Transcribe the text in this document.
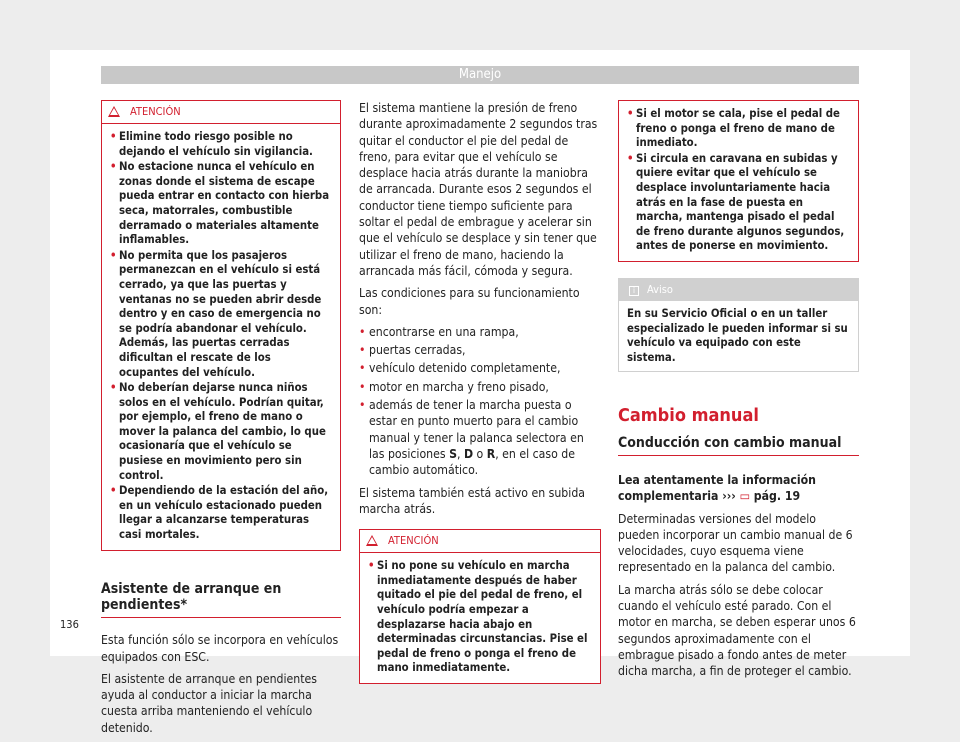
Manejo
ATENCIÓN
• Elimine todo riesgo posible no dejando el vehículo sin vigilancia.
• No estacione nunca el vehículo en zonas donde el sistema de escape pueda entrar en contacto con hierba seca, matorrales, combustible derramado o materiales altamente inflamables.
• No permita que los pasajeros permanezcan en el vehículo si está cerrado, ya que las puertas y ventanas no se pueden abrir desde dentro y en caso de emergencia no se podría abandonar el vehículo. Además, las puertas cerradas dificultan el rescate de los ocupantes del vehículo.
• No deberían dejarse nunca niños solos en el vehículo. Podrían quitar, por ejemplo, el freno de mano o mover la palanca del cambio, lo que ocasionaría que el vehículo se pusiese en movimiento pero sin control.
• Dependiendo de la estación del año, en un vehículo estacionado pueden llegar a alcanzarse temperaturas casi mortales.
Asistente de arranque en pendientes*

Esta función sólo se incorpora en vehículos equipados con ESC.

El asistente de arranque en pendientes ayuda al conductor a iniciar la marcha cuesta arriba manteniendo el vehículo detenido.

El sistema mantiene la presión de freno durante aproximadamente 2 segundos tras quitar el conductor el pie del pedal de freno, para evitar que el vehículo se desplace hacia atrás durante la maniobra de arrancada. Durante esos 2 segundos el conductor tiene tiempo suficiente para soltar el pedal de embrague y acelerar sin que el vehículo se desplace y sin tener que utilizar el freno de mano, haciendo la arrancada más fácil, cómoda y segura.

Las condiciones para su funcionamiento son:

• encontrarse en una rampa,
• puertas cerradas,
• vehículo detenido completamente,
• motor en marcha y freno pisado,
• además de tener la marcha puesta o estar en punto muerto para el cambio manual y tener la palanca selectora en las posiciones S, D o R, en el caso de cambio automático.

El sistema también está activo en subida marcha atrás.

ATENCIÓN
• Si no pone su vehículo en marcha inmediatamente después de haber quitado el pie del pedal de freno, el vehículo podría empezar a desplazarse hacia abajo en determinadas circunstancias. Pise el pedal de freno o ponga el freno de mano inmediatamente.
• Si el motor se cala, pise el pedal de freno o ponga el freno de mano de inmediato.
• Si circula en caravana en subidas y quiere evitar que el vehículo se desplace involuntariamente hacia atrás en la fase de puesta en marcha, mantenga pisado el pedal de freno durante algunos segundos, antes de ponerse en movimiento.
i Aviso
En su Servicio Oficial o en un taller especializado le pueden informar si su vehículo va equipado con este sistema.
Cambio manual
Conducción con cambio manual

Lea atentamente la información complementaria ››› ▭ pág. 19

Determinadas versiones del modelo pueden incorporar un cambio manual de 6 velocidades, cuyo esquema viene representado en la palanca del cambio.

La marcha atrás sólo se debe colocar cuando el vehículo esté parado. Con el motor en marcha, se deben esperar unos 6 segundos aproximadamente con el embrague pisado a fondo antes de meter dicha marcha, a fin de proteger el cambio.

136
